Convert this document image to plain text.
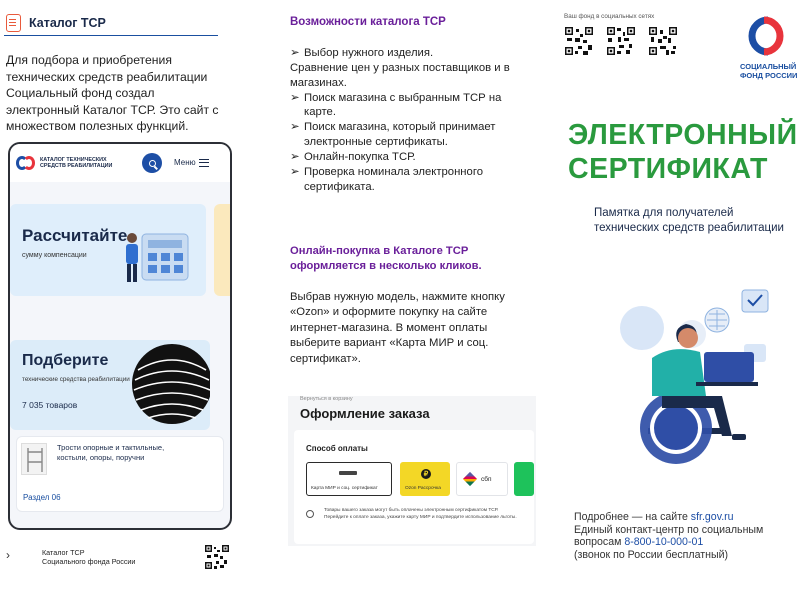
Каталог ТСР

Для подбора и приобретения технических средств реабилитации Социальный фонд создал электронный Каталог ТСР. Это сайт с множеством полезных функций.

КАТАЛОГ ТЕХНИЧЕСКИХ СРЕДСТВ РЕАБИЛИТАЦИИ	Меню
Рассчитайте
сумму компенсации
Подберите
технические средства реабилитации
7 035 товаров
Трости опорные и тактильные, костыли, опоры, поручни
Раздел 06
›	Каталог ТСР
Социального фонда России
Возможности каталога ТСР
➢ Выбор нужного изделия.
Сравнение цен у разных поставщиков и в магазинах.
➢ Поиск магазина с выбранным ТСР на карте.
➢ Поиск магазина, который принимает электронные сертификаты.
➢ Онлайн-покупка ТСР.
➢ Проверка номинала электронного сертификата.

Онлайн-покупка в Каталоге ТСР оформляется в несколько кликов.

Выбрав нужную модель, нажмите кнопку «Ozon» и оформите покупку на сайте интернет-магазина. В момент оплаты выберите вариант «Карта МИР и соц. сертификат».

Вернуться в корзину
Оформление заказа
Способ оплаты
Карта МИР и соц. сертификат
₽
Ozon Рассрочка
сбп
Товары вашего заказа могут быть оплачены электронным сертификатом ТСР. Перейдите к оплате заказа, укажите карту МИР и подтвердите использование льготы.
Ваш фонд в социальных сетях
СОЦИАЛЬНЫЙ
ФОНД РОССИИ
ЭЛЕКТРОННЫЙ
СЕРТИФИКАТ

Памятка для получателей технических средств реабилитации

Подробнее — на сайте sfr.gov.ru
Единый контакт-центр по социальным
вопросам 8-800-10-000-01
(звонок по России бесплатный)
